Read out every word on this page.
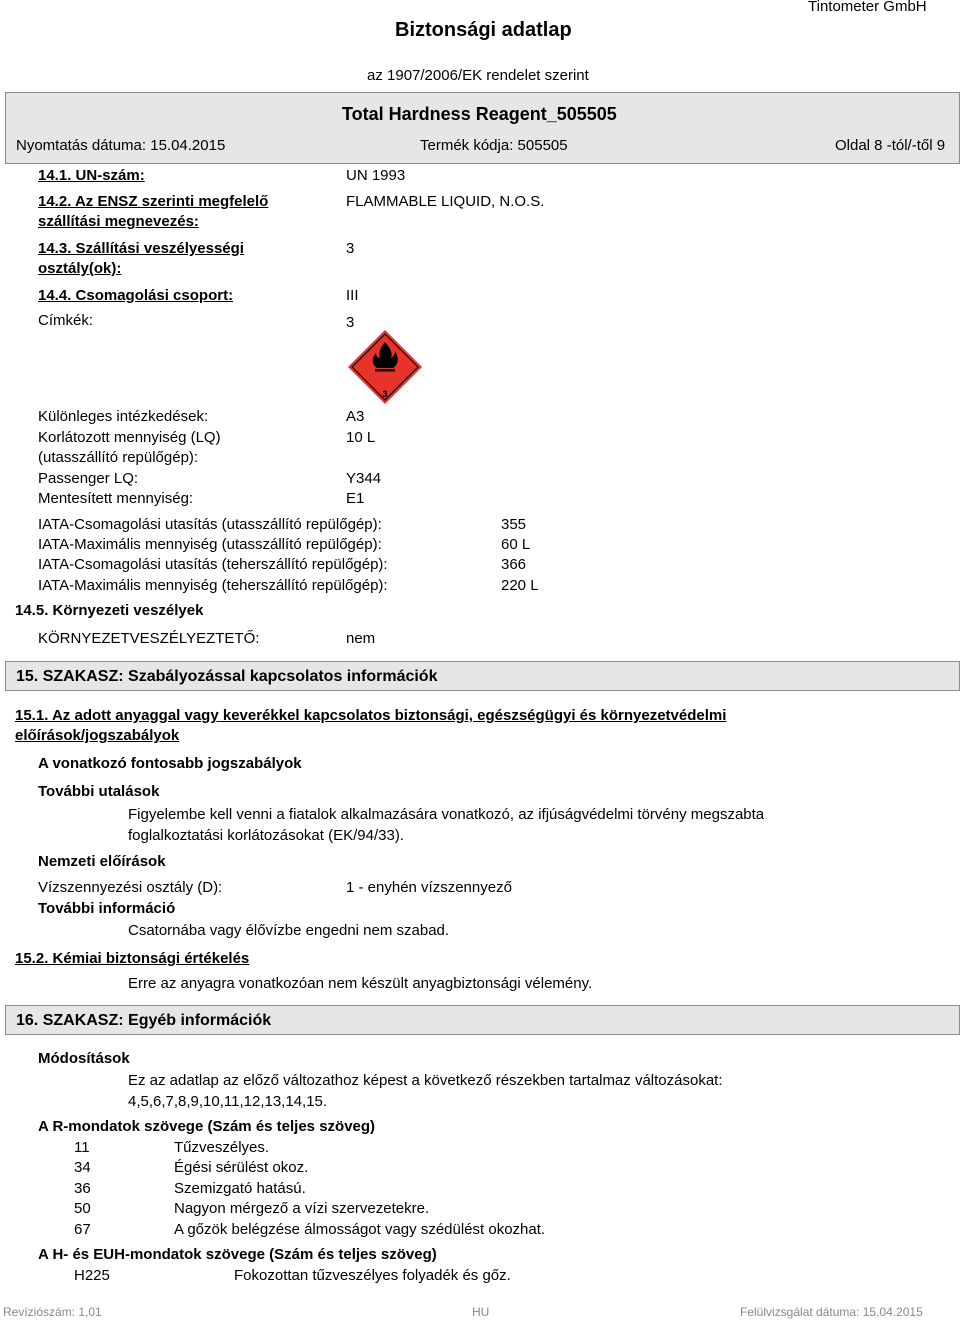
Biztonsági adatlap
Tintometer GmbH
az 1907/2006/EK rendelet szerint
Total Hardness Reagent_505505
Nyomtatás dátuma: 15.04.2015	Termék kódja: 505505	Oldal 8 -tól/-től 9
14.1. UN-szám:	UN 1993
14.2. Az ENSZ szerinti megfelelő
szállítási megnevezés:
FLAMMABLE LIQUID, N.O.S.
14.3. Szállítási veszélyességi
osztály(ok):
3
14.4. Csomagolási csoport:	III
Címkék:	3
3
Különleges intézkedések:	A3
Korlátozott mennyiség (LQ)
(utasszállító repülőgép):
10 L
Passenger LQ:	Y344
Mentesített mennyiség:	E1
IATA-Csomagolási utasítás (utasszállító repülőgép):	355
IATA-Maximális mennyiség (utasszállító repülőgép):	60 L
IATA-Csomagolási utasítás (teherszállító repülőgép):	366
IATA-Maximális mennyiség (teherszállító repülőgép):	220 L
14.5. Környezeti veszélyek
KÖRNYEZETVESZÉLYEZTETŐ:	nem
15. SZAKASZ: Szabályozással kapcsolatos információk
15.1. Az adott anyaggal vagy keverékkel kapcsolatos biztonsági, egészségügyi és környezetvédelmi
előírások/jogszabályok
A vonatkozó fontosabb jogszabályok
További utalások
Figyelembe kell venni a fiatalok alkalmazására vonatkozó, az ifjúságvédelmi törvény megszabta
foglalkoztatási korlátozásokat (EK/94/33).
Nemzeti előírások
Vízszennyezési osztály (D):	1 - enyhén vízszennyező
További információ
Csatornába vagy élővízbe engedni nem szabad.
15.2. Kémiai biztonsági értékelés
Erre az anyagra vonatkozóan nem készült anyagbiztonsági vélemény.
16. SZAKASZ: Egyéb információk
Módosítások
Ez az adatlap az előző változathoz képest a következő részekben tartalmaz változásokat:
4,5,6,7,8,9,10,11,12,13,14,15.
A R-mondatok szövege (Szám és teljes szöveg)
11	Tűzveszélyes.
34	Égési sérülést okoz.
36	Szemizgató hatású.
50	Nagyon mérgező a vízi szervezetekre.
67	A gőzök belégzése álmosságot vagy szédülést okozhat.
A H- és EUH-mondatok szövege (Szám és teljes szöveg)
H225	Fokozottan tűzveszélyes folyadék és gőz.
Revíziószám: 1,01	HU	Felülvizsgálat dátuma: 15.04.2015
